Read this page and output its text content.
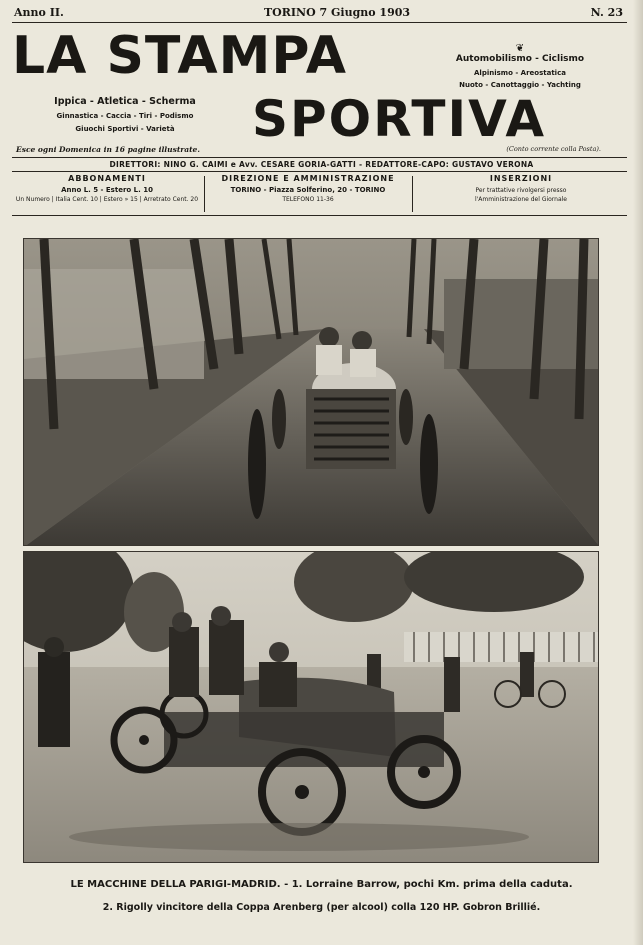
Anno II.	TORINO 7 Giugno 1903	N. 23
LA STAMPA
SPORTIVA
Ippica - Atletica - Scherma
Ginnastica - Caccia - Tiri - Podismo
Giuochi Sportivi - Varietà
❦
Automobilismo - Ciclismo
Alpinismo - Areostatica
Nuoto - Canottaggio - Yachting
Esce ogni Domenica in 16 pagine illustrate.	(Conto corrente colla Posta).
DIRETTORI: NINO G. CAIMI e Avv. CESARE GORIA-GATTI - REDATTORE-CAPO: GUSTAVO VERONA
ABBONAMENTI
Anno L. 5 - Estero L. 10
Un Numero | Italia Cent. 10 | Estero » 15 | Arretrato Cent. 20
DIREZIONE E AMMINISTRAZIONE
TORINO - Piazza Solferino, 20 - TORINO
TELEFONO 11-36
INSERZIONI
Per trattative rivolgersi presso
l'Amministrazione del Giornale
LE MACCHINE DELLA PARIGI-MADRID. - 1. Lorraine Barrow, pochi Km. prima della caduta.
2. Rigolly vincitore della Coppa Arenberg (per alcool) colla 120 HP. Gobron Brillié.
